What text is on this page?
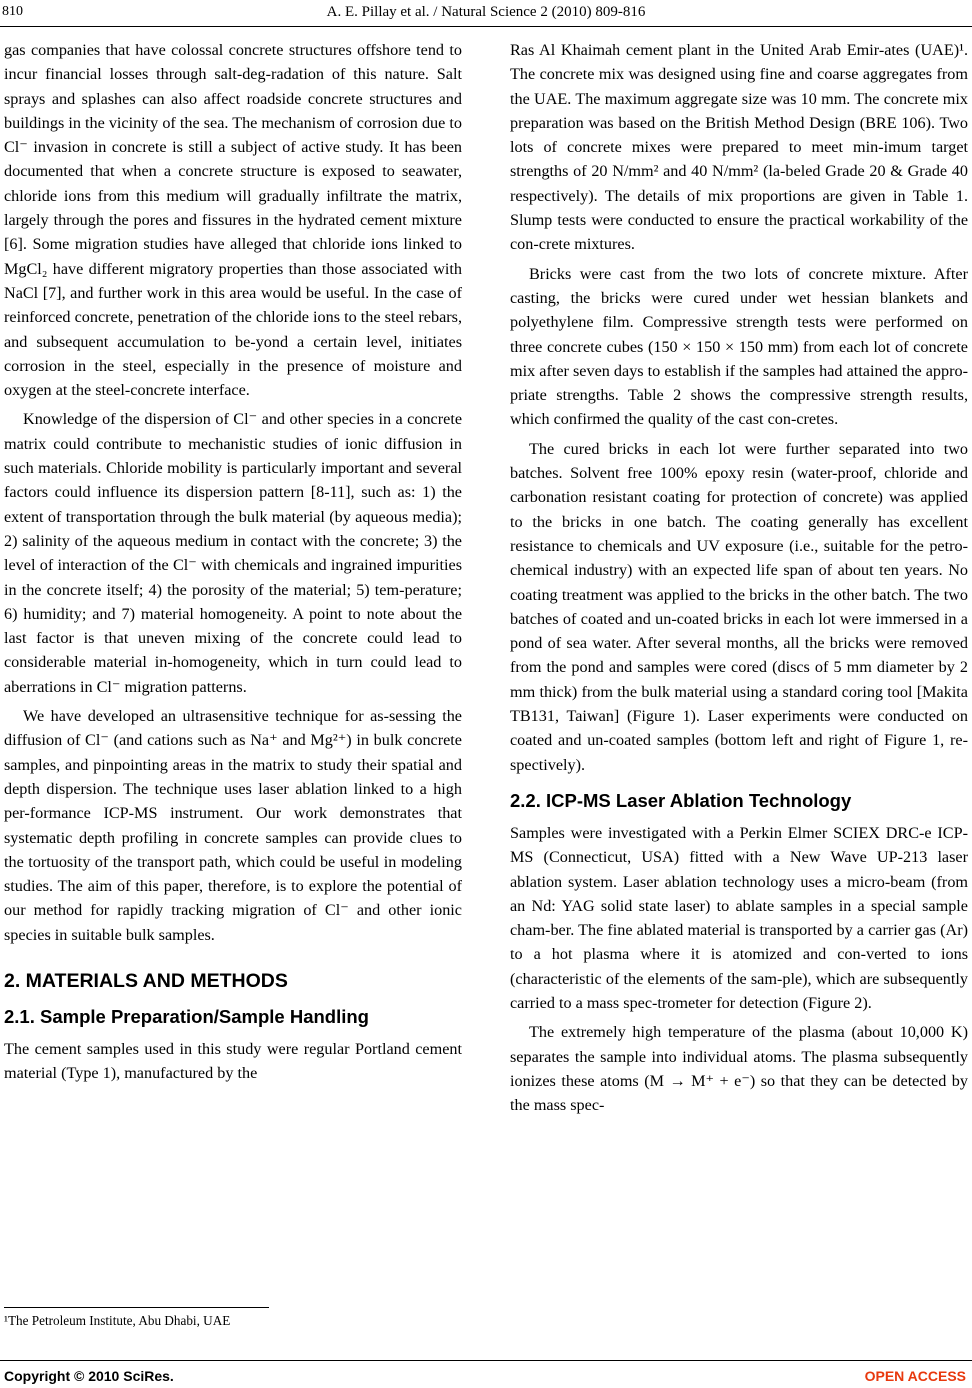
810	A. E. Pillay et al. / Natural Science 2 (2010) 809-816

gas companies that have colossal concrete structures offshore tend to incur financial losses through salt-deg-radation of this nature. Salt sprays and splashes can also affect roadside concrete structures and buildings in the vicinity of the sea. The mechanism of corrosion due to Cl⁻ invasion in concrete is still a subject of active study. It has been documented that when a concrete structure is exposed to seawater, chloride ions from this medium will gradually infiltrate the matrix, largely through the pores and fissures in the hydrated cement mixture [6]. Some migration studies have alleged that chloride ions linked to MgCl₂ have different migratory properties than those associated with NaCl [7], and further work in this area would be useful. In the case of reinforced concrete, penetration of the chloride ions to the steel rebars, and subsequent accumulation to be-yond a certain level, initiates corrosion in the steel, especially in the presence of moisture and oxygen at the steel-concrete interface.

Knowledge of the dispersion of Cl⁻ and other species in a concrete matrix could contribute to mechanistic studies of ionic diffusion in such materials. Chloride mobility is particularly important and several factors could influence its dispersion pattern [8-11], such as: 1) the extent of transportation through the bulk material (by aqueous media); 2) salinity of the aqueous medium in contact with the concrete; 3) the level of interaction of the Cl⁻ with chemicals and ingrained impurities in the concrete itself; 4) the porosity of the material; 5) tem-perature; 6) humidity; and 7) material homogeneity. A point to note about the last factor is that uneven mixing of the concrete could lead to considerable material in-homogeneity, which in turn could lead to aberrations in Cl⁻ migration patterns.

We have developed an ultrasensitive technique for as-sessing the diffusion of Cl⁻ (and cations such as Na⁺ and Mg²⁺) in bulk concrete samples, and pinpointing areas in the matrix to study their spatial and depth dispersion. The technique uses laser ablation linked to a high per-formance ICP-MS instrument. Our work demonstrates that systematic depth profiling in concrete samples can provide clues to the tortuosity of the transport path, which could be useful in modeling studies. The aim of this paper, therefore, is to explore the potential of our method for rapidly tracking migration of Cl⁻ and other ionic species in suitable bulk samples.

2. MATERIALS AND METHODS
2.1. Sample Preparation/Sample Handling

The cement samples used in this study were regular Portland cement material (Type 1), manufactured by the

Ras Al Khaimah cement plant in the United Arab Emir-ates (UAE)¹. The concrete mix was designed using fine and coarse aggregates from the UAE. The maximum aggregate size was 10 mm. The concrete mix preparation was based on the British Method Design (BRE 106). Two lots of concrete mixes were prepared to meet min-imum target strengths of 20 N/mm² and 40 N/mm² (la-beled Grade 20 & Grade 40 respectively). The details of mix proportions are given in Table 1. Slump tests were conducted to ensure the practical workability of the con-crete mixtures.

Bricks were cast from the two lots of concrete mixture. After casting, the bricks were cured under wet hessian blankets and polyethylene film. Compressive strength tests were performed on three concrete cubes (150 × 150 × 150 mm) from each lot of concrete mix after seven days to establish if the samples had attained the appro-priate strengths. Table 2 shows the compressive strength results, which confirmed the quality of the cast con-cretes.

The cured bricks in each lot were further separated into two batches. Solvent free 100% epoxy resin (water-proof, chloride and carbonation resistant coating for protection of concrete) was applied to the bricks in one batch. The coating generally has excellent resistance to chemicals and UV exposure (i.e., suitable for the petro-chemical industry) with an expected life span of about ten years. No coating treatment was applied to the bricks in the other batch. The two batches of coated and un-coated bricks in each lot were immersed in a pond of sea water. After several months, all the bricks were removed from the pond and samples were cored (discs of 5 mm diameter by 2 mm thick) from the bulk material using a standard coring tool [Makita TB131, Taiwan] (Figure 1). Laser experiments were conducted on coated and un-coated samples (bottom left and right of Figure 1, re-spectively).

2.2. ICP-MS Laser Ablation Technology

Samples were investigated with a Perkin Elmer SCIEX DRC-e ICP-MS (Connecticut, USA) fitted with a New Wave UP-213 laser ablation system. Laser ablation technology uses a micro-beam (from an Nd: YAG solid state laser) to ablate samples in a special sample cham-ber. The fine ablated material is transported by a carrier gas (Ar) to a hot plasma where it is atomized and con-verted to ions (characteristic of the elements of the sam-ple), which are subsequently carried to a mass spec-trometer for detection (Figure 2).

The extremely high temperature of the plasma (about 10,000 K) separates the sample into individual atoms. The plasma subsequently ionizes these atoms (M → M⁺ + e⁻) so that they can be detected by the mass spec-

¹The Petroleum Institute, Abu Dhabi, UAE
Copyright © 2010 SciRes.	OPEN ACCESS
